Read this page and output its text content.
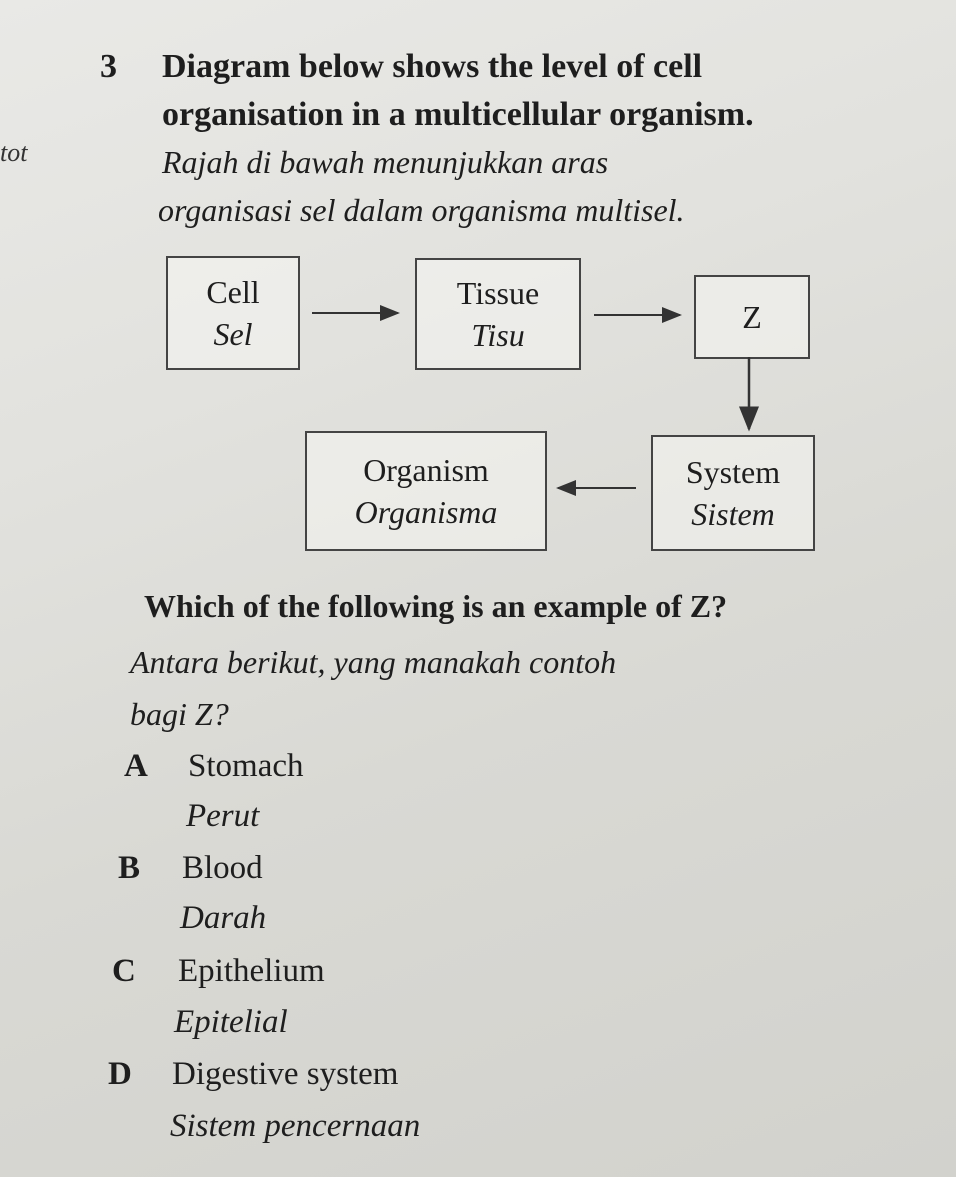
tot
3 Diagram below shows the level of cell
organisation in a multicellular organism.
Rajah di bawah menunjukkan aras
organisasi sel dalam organisma multisel.
Cell
Sel
Tissue
Tisu	Z
Organism
Organisma
System
Sistem
Which of the following is an example of Z?
Antara berikut, yang manakah contoh
bagi Z?
A Stomach
Perut
B Blood
Darah
C Epithelium
Epitelial
D Digestive system
Sistem pencernaan
